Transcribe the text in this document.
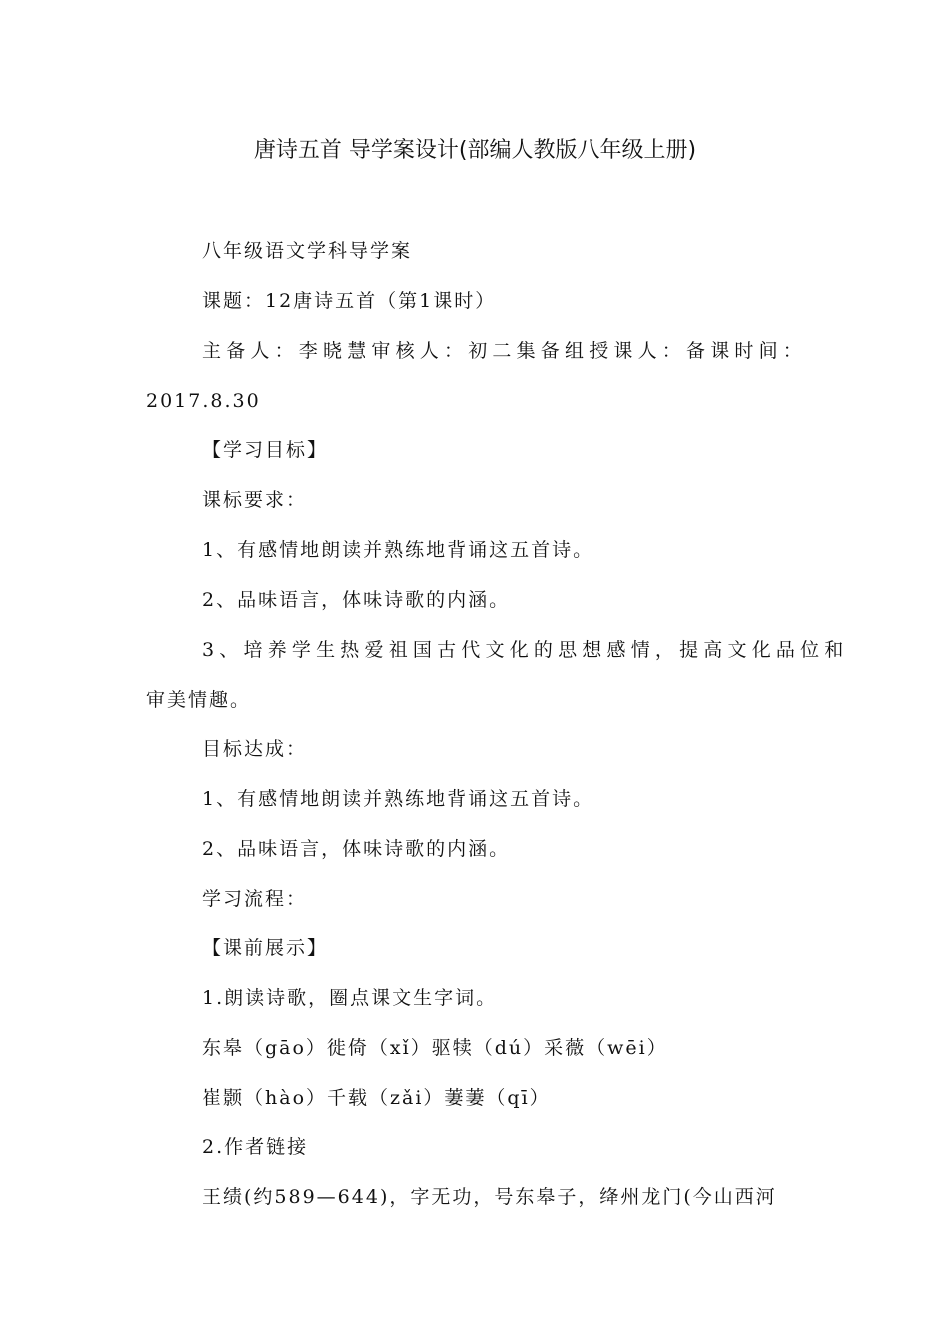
唐诗五首 导学案设计(部编人教版八年级上册)
八年级语文学科导学案
课题：12唐诗五首（第1课时）
主备人：李晓慧审核人：初二集备组授课人：备课时间：
2017.8.30
【学习目标】
课标要求：
1、有感情地朗读并熟练地背诵这五首诗。
2、品味语言，体味诗歌的内涵。
3、培养学生热爱祖国古代文化的思想感情，提高文化品位和
审美情趣。
目标达成：
1、有感情地朗读并熟练地背诵这五首诗。
2、品味语言，体味诗歌的内涵。
学习流程：
【课前展示】
1.朗读诗歌，圈点课文生字词。
东皋（gāo）徙倚（xǐ）驱犊（dú）采薇（wēi）
崔颢（hào）千载（zǎi）萋萋（qī）
2.作者链接
王绩(约589—644)，字无功，号东皋子，绛州龙门(今山西河
